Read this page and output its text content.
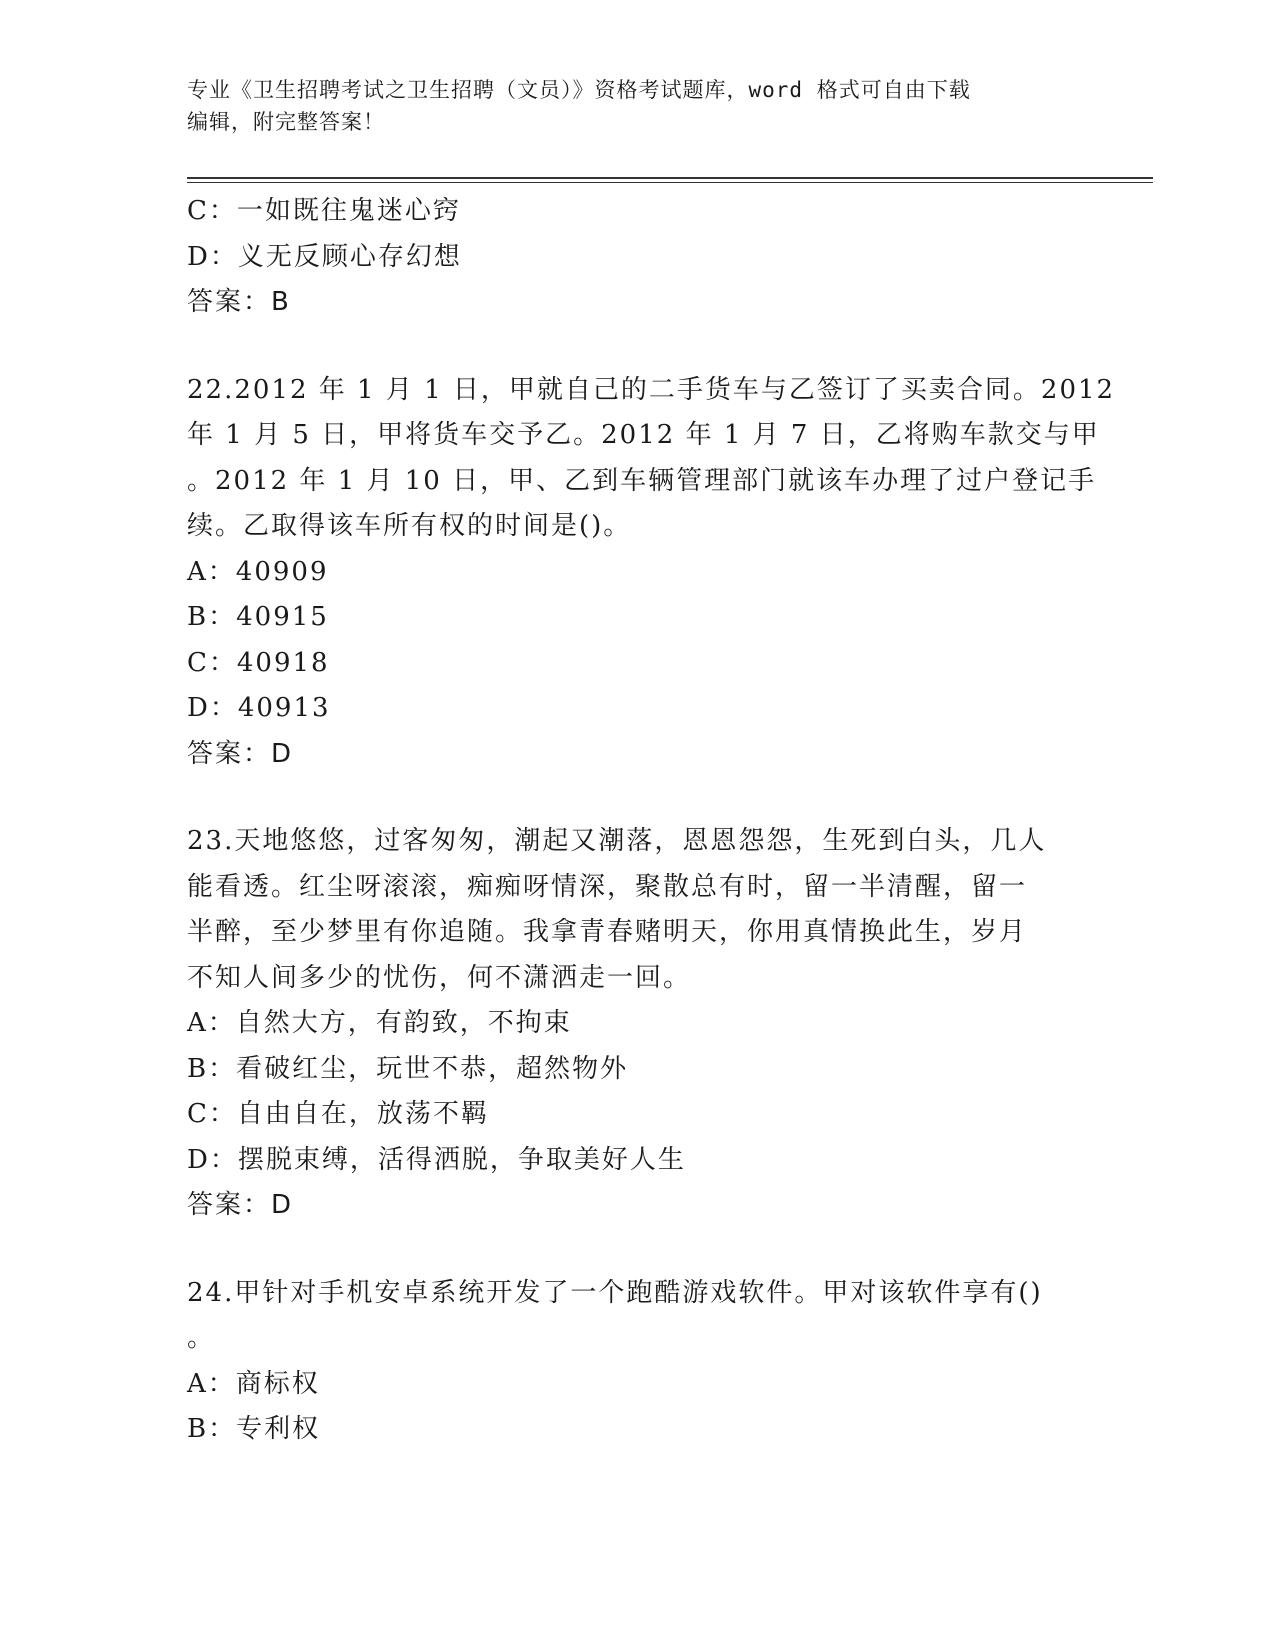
专业《卫生招聘考试之卫生招聘（文员）》资格考试题库，word 格式可自由下载
编辑，附完整答案！
C：一如既往鬼迷心窍
D：义无反顾心存幻想
答案：B
22.2012 年 1 月 1 日，甲就自己的二手货车与乙签订了买卖合同。2012
年 1 月 5 日，甲将货车交予乙。2012 年 1 月 7 日，乙将购车款交与甲
。2012 年 1 月 10 日，甲、乙到车辆管理部门就该车办理了过户登记手
续。乙取得该车所有权的时间是()。
A：40909
B：40915
C：40918
D：40913
答案：D
23.天地悠悠，过客匆匆，潮起又潮落，恩恩怨怨，生死到白头，几人
能看透。红尘呀滚滚，痴痴呀情深，聚散总有时，留一半清醒，留一
半醉，至少梦里有你追随。我拿青春赌明天，你用真情换此生，岁月
不知人间多少的忧伤，何不潇洒走一回。
A：自然大方，有韵致，不拘束
B：看破红尘，玩世不恭，超然物外
C：自由自在，放荡不羁
D：摆脱束缚，活得洒脱，争取美好人生
答案：D
24.甲针对手机安卓系统开发了一个跑酷游戏软件。甲对该软件享有()
。
A：商标权
B：专利权
